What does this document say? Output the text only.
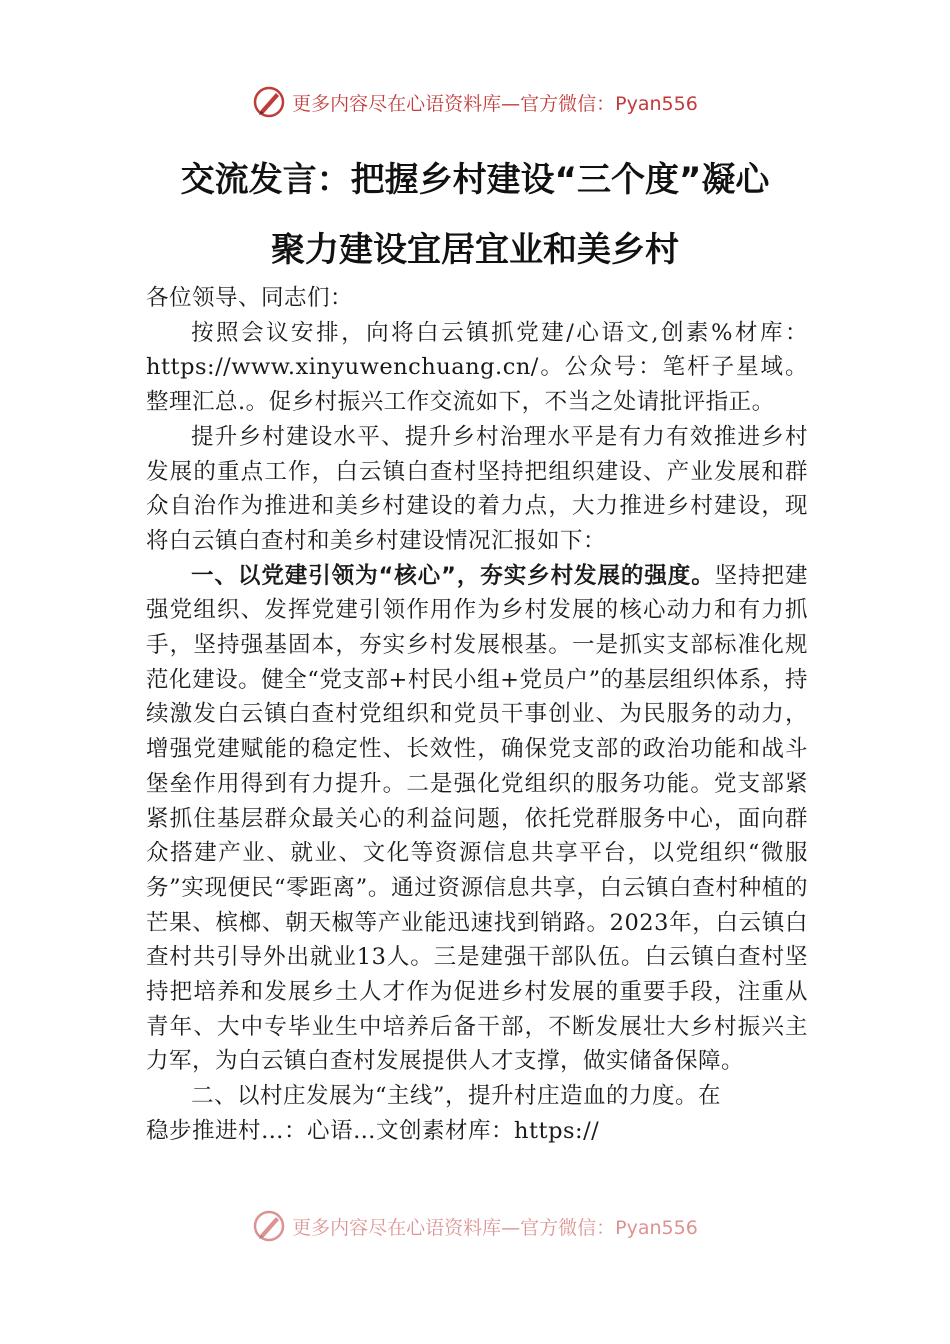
更多内容尽在心语资料库—官方微信：Pyan556
交流发言：把握乡村建设“三个度”凝心
聚力建设宜居宜业和美乡村

各位领导、同志们：

按照会议安排，向将白云镇抓党建/心语文,创素%材库：https://www.xinyuwenchuang.cn/。公众号：笔杆子星域。整理汇总.。促乡村振兴工作交流如下，不当之处请批评指正。

提升乡村建设水平、提升乡村治理水平是有力有效推进乡村发展的重点工作，白云镇白查村坚持把组织建设、产业发展和群众自治作为推进和美乡村建设的着力点，大力推进乡村建设，现将白云镇白查村和美乡村建设情况汇报如下：

一、以党建引领为“核心”，夯实乡村发展的强度。坚持把建强党组织、发挥党建引领作用作为乡村发展的核心动力和有力抓手，坚持强基固本，夯实乡村发展根基。一是抓实支部标准化规范化建设。健全“党支部+村民小组+党员户”的基层组织体系，持续激发白云镇白查村党组织和党员干事创业、为民服务的动力，增强党建赋能的稳定性、长效性，确保党支部的政治功能和战斗堡垒作用得到有力提升。二是强化党组织的服务功能。党支部紧紧抓住基层群众最关心的利益问题，依托党群服务中心，面向群众搭建产业、就业、文化等资源信息共享平台，以党组织“微服务”实现便民“零距离”。通过资源信息共享，白云镇白查村种植的芒果、槟榔、朝天椒等产业能迅速找到销路。2023年，白云镇白查村共引导外出就业13人。三是建强干部队伍。白云镇白查村坚持把培养和发展乡土人才作为促进乡村发展的重要手段，注重从青年、大中专毕业生中培养后备干部，不断发展壮大乡村振兴主力军，为白云镇白查村发展提供人才支撑，做实储备保障。

二、以村庄发展为“主线”，提升村庄造血的力度。在

稳步推进村…：心语…文创素材库：https://

更多内容尽在心语资料库—官方微信：Pyan556
